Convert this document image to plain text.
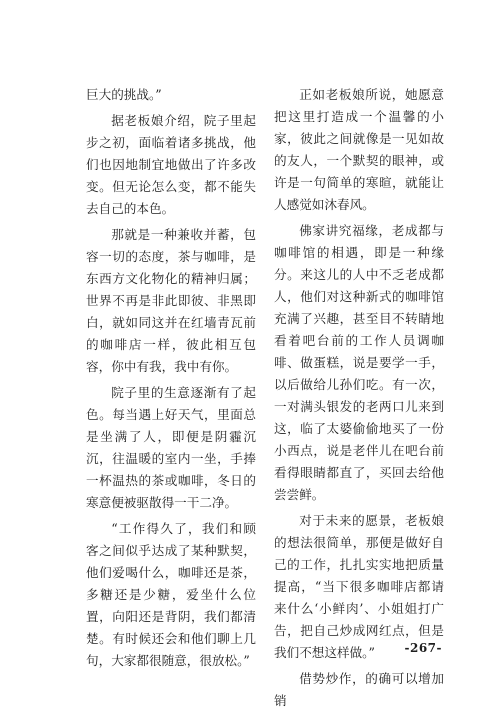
巨大的挑战。”

据老板娘介绍，院子里起步之初，面临着诸多挑战，他们也因地制宜地做出了许多改变。但无论怎么变，都不能失去自己的本色。

那就是一种兼收并蓄，包容一切的态度，茶与咖啡，是东西方文化物化的精神归属；世界不再是非此即彼、非黑即白，就如同这并在红墙青瓦前的咖啡店一样，彼此相互包容，你中有我，我中有你。

院子里的生意逐渐有了起色。每当遇上好天气，里面总是坐满了人，即便是阴霾沉沉，往温暖的室内一坐，手捧一杯温热的茶或咖啡，冬日的寒意便被驱散得一干二净。

“工作得久了，我们和顾客之间似乎达成了某种默契，他们爱喝什么，咖啡还是茶，多糖还是少糖，爱坐什么位置，向阳还是背阴，我们都清楚。有时候还会和他们聊上几句，大家都很随意，很放松。”

正如老板娘所说，她愿意把这里打造成一个温馨的小家，彼此之间就像是一见如故的友人，一个默契的眼神，或许是一句简单的寒暄，就能让人感觉如沐春风。

佛家讲究福缘，老成都与咖啡馆的相遇，即是一种缘分。来这儿的人中不乏老成都人，他们对这种新式的咖啡馆充满了兴趣，甚至目不转睛地看着吧台前的工作人员调咖啡、做蛋糕，说是要学一手，以后做给儿孙们吃。有一次，一对满头银发的老两口儿来到这，临了太婆偷偷地买了一份小西点，说是老伴儿在吧台前看得眼睛都直了，买回去给他尝尝鲜。

对于未来的愿景，老板娘的想法很简单，那便是做好自己的工作，扎扎实实地把质量提高，“当下很多咖啡店都请来什么‘小鲜肉’、小姐姐打广告，把自己炒成网红点，但是我们不想这样做。”

借势炒作，的确可以增加销

-267-
